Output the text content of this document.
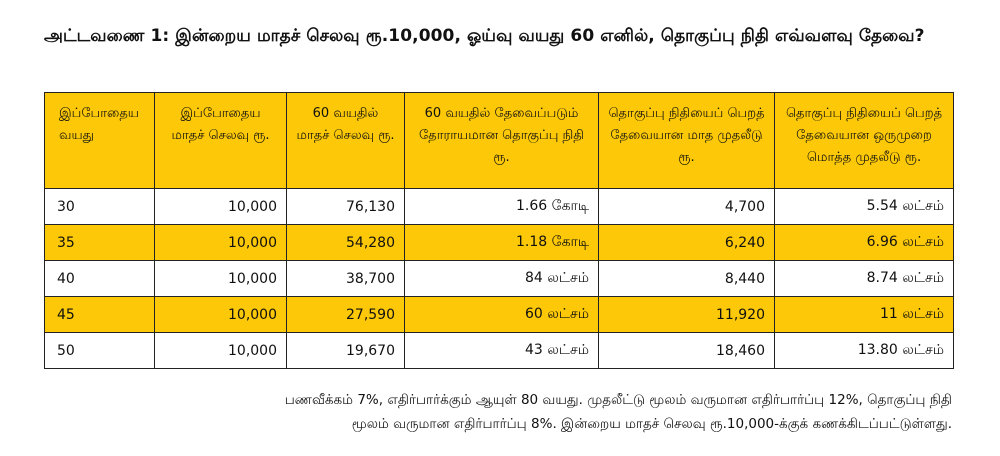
அட்டவணை 1: இன்றைய மாதச் செலவு ரூ.10,000, ஓய்வு வயது 60 எனில், தொகுப்பு நிதி எவ்வளவு தேவை?
இப்போதைய வயது	இப்போதைய மாதச் செலவு ரூ.	60 வயதில் மாதச் செலவு ரூ.	60 வயதில் தேவைப்படும் தோராயமான தொகுப்பு நிதி ரூ.	தொகுப்பு நிதியைப் பெறத் தேவையான மாத முதலீடு ரூ.	தொகுப்பு நிதியைப் பெறத் தேவையான ஒருமுறை மொத்த முதலீடு ரூ.
30	10,000	76,130	1.66 கோடி	4,700	5.54 லட்சம்
35	10,000	54,280	1.18 கோடி	6,240	6.96 லட்சம்
40	10,000	38,700	84 லட்சம்	8,440	8.74 லட்சம்
45	10,000	27,590	60 லட்சம்	11,920	11 லட்சம்
50	10,000	19,670	43 லட்சம்	18,460	13.80 லட்சம்
பணவீக்கம் 7%, எதிர்பார்க்கும் ஆயுள் 80 வயது. முதலீட்டு மூலம் வருமான எதிர்பார்ப்பு 12%, தொகுப்பு நிதி
மூலம் வருமான எதிர்பார்ப்பு 8%. இன்றைய மாதச் செலவு ரூ.10,000-க்குக் கணக்கிடப்பட்டுள்ளது.
